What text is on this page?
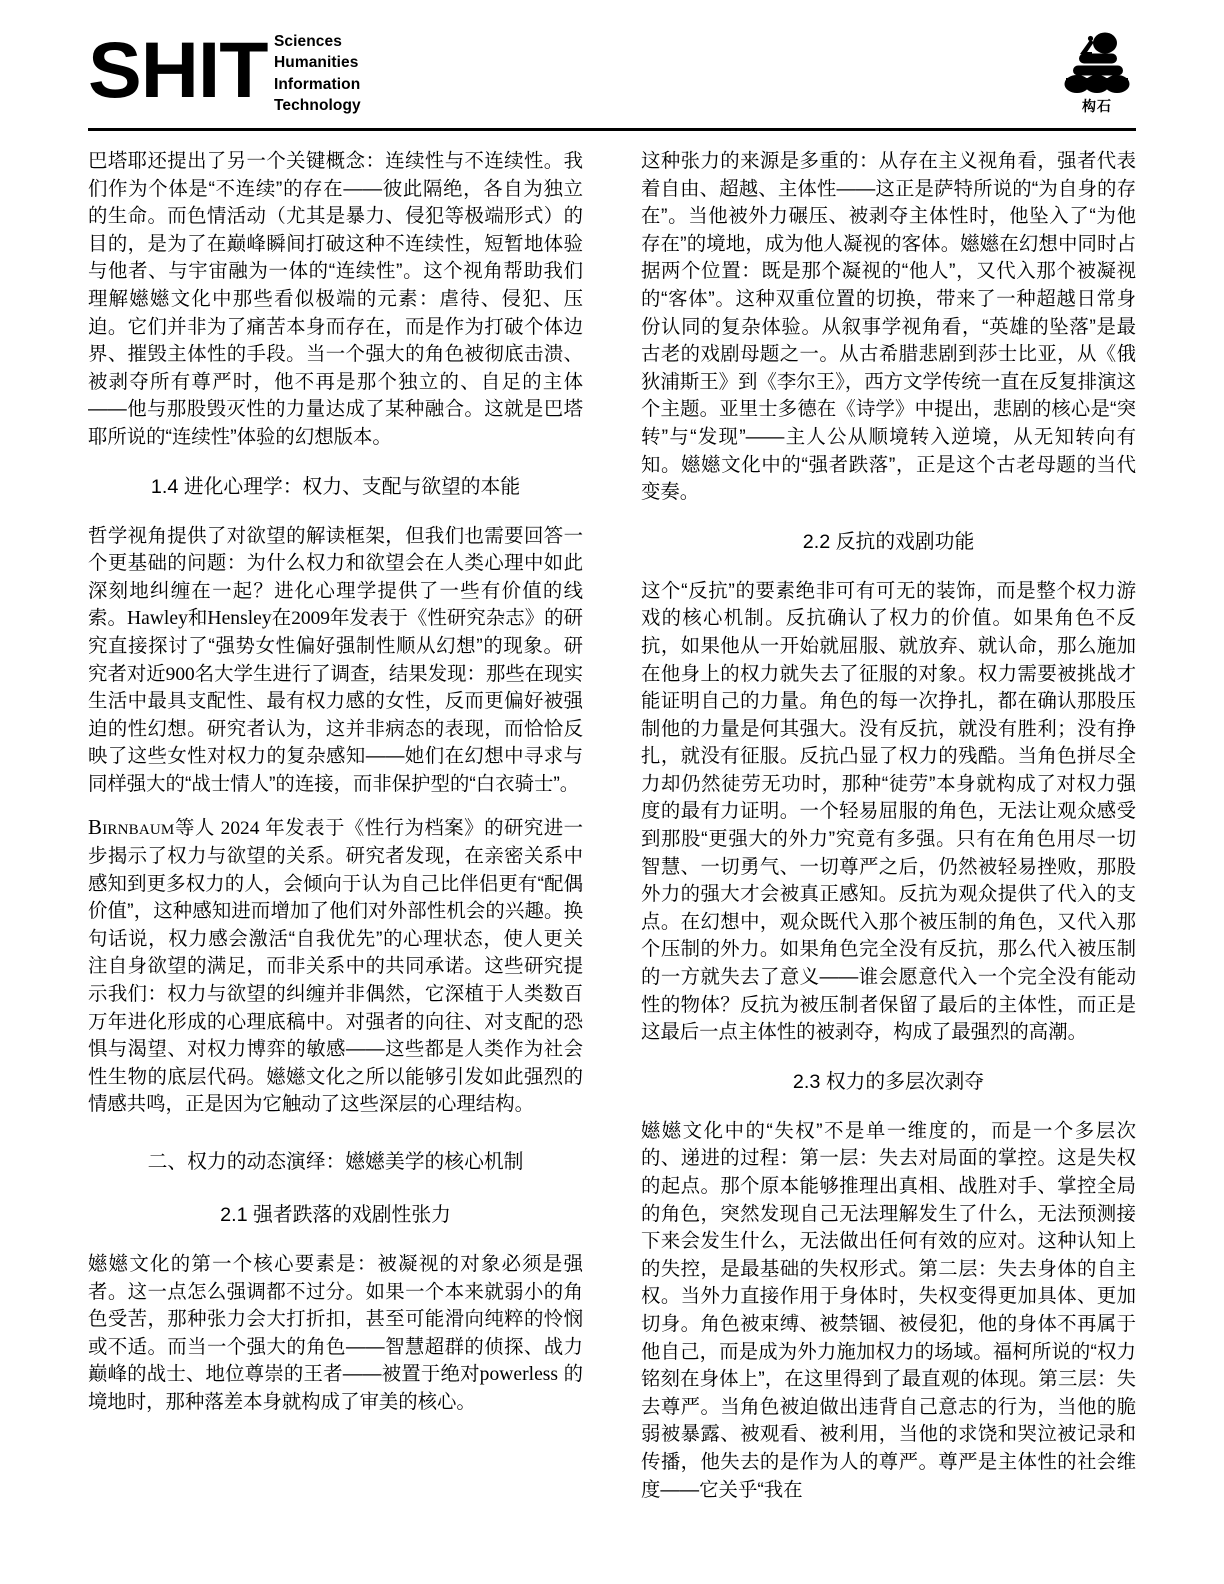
SHIT Sciences
Humanities
Information
Technology	构石

巴塔耶还提出了另一个关键概念：连续性与不连续性。我们作为个体是“不连续”的存在——彼此隔绝，各自为独立的生命。而色情活动（尤其是暴力、侵犯等极端形式）的目的，是为了在巅峰瞬间打破这种不连续性，短暂地体验与他者、与宇宙融为一体的“连续性”。这个视角帮助我们理解嬨嬨文化中那些看似极端的元素：虐待、侵犯、压迫。它们并非为了痛苦本身而存在，而是作为打破个体边界、摧毁主体性的手段。当一个强大的角色被彻底击溃、被剥夺所有尊严时，他不再是那个独立的、自足的主体——他与那股毁灭性的力量达成了某种融合。这就是巴塔耶所说的“连续性”体验的幻想版本。

1.4 进化心理学：权力、支配与欲望的本能

哲学视角提供了对欲望的解读框架，但我们也需要回答一个更基础的问题：为什么权力和欲望会在人类心理中如此深刻地纠缠在一起？进化心理学提供了一些有价值的线索。Hawley和Hensley在2009年发表于《性研究杂志》的研究直接探讨了“强势女性偏好强制性顺从幻想”的现象。研究者对近900名大学生进行了调查，结果发现：那些在现实生活中最具支配性、最有权力感的女性，反而更偏好被强迫的性幻想。研究者认为，这并非病态的表现，而恰恰反映了这些女性对权力的复杂感知——她们在幻想中寻求与同样强大的“战士情人”的连接，而非保护型的“白衣骑士”。

Birnbaum等人 2024 年发表于《性行为档案》的研究进一步揭示了权力与欲望的关系。研究者发现，在亲密关系中感知到更多权力的人，会倾向于认为自己比伴侣更有“配偶价值”，这种感知进而增加了他们对外部性机会的兴趣。换句话说，权力感会激活“自我优先”的心理状态，使人更关注自身欲望的满足，而非关系中的共同承诺。这些研究提示我们：权力与欲望的纠缠并非偶然，它深植于人类数百万年进化形成的心理底稿中。对强者的向往、对支配的恐惧与渴望、对权力博弈的敏感——这些都是人类作为社会性生物的底层代码。嬨嬨文化之所以能够引发如此强烈的情感共鸣，正是因为它触动了这些深层的心理结构。

二、权力的动态演绎：嬨嬨美学的核心机制
2.1 强者跌落的戏剧性张力

嬨嬨文化的第一个核心要素是：被凝视的对象必须是强者。这一点怎么强调都不过分。如果一个本来就弱小的角色受苦，那种张力会大打折扣，甚至可能滑向纯粹的怜悯或不适。而当一个强大的角色——智慧超群的侦探、战力巅峰的战士、地位尊崇的王者——被置于绝对powerless 的境地时，那种落差本身就构成了审美的核心。

这种张力的来源是多重的：从存在主义视角看，强者代表着自由、超越、主体性——这正是萨特所说的“为自身的存在”。当他被外力碾压、被剥夺主体性时，他坠入了“为他存在”的境地，成为他人凝视的客体。嬨嬨在幻想中同时占据两个位置：既是那个凝视的“他人”，又代入那个被凝视的“客体”。这种双重位置的切换，带来了一种超越日常身份认同的复杂体验。从叙事学视角看，“英雄的坠落”是最古老的戏剧母题之一。从古希腊悲剧到莎士比亚，从《俄狄浦斯王》到《李尔王》，西方文学传统一直在反复排演这个主题。亚里士多德在《诗学》中提出，悲剧的核心是“突转”与“发现”——主人公从顺境转入逆境，从无知转向有知。嬨嬨文化中的“强者跌落”，正是这个古老母题的当代变奏。

2.2 反抗的戏剧功能

这个“反抗”的要素绝非可有可无的装饰，而是整个权力游戏的核心机制。反抗确认了权力的价值。如果角色不反抗，如果他从一开始就屈服、就放弃、就认命，那么施加在他身上的权力就失去了征服的对象。权力需要被挑战才能证明自己的力量。角色的每一次挣扎，都在确认那股压制他的力量是何其强大。没有反抗，就没有胜利；没有挣扎，就没有征服。反抗凸显了权力的残酷。当角色拼尽全力却仍然徒劳无功时，那种“徒劳”本身就构成了对权力强度的最有力证明。一个轻易屈服的角色，无法让观众感受到那股“更强大的外力”究竟有多强。只有在角色用尽一切智慧、一切勇气、一切尊严之后，仍然被轻易挫败，那股外力的强大才会被真正感知。反抗为观众提供了代入的支点。在幻想中，观众既代入那个被压制的角色，又代入那个压制的外力。如果角色完全没有反抗，那么代入被压制的一方就失去了意义——谁会愿意代入一个完全没有能动性的物体？反抗为被压制者保留了最后的主体性，而正是这最后一点主体性的被剥夺，构成了最强烈的高潮。

2.3 权力的多层次剥夺

嬨嬨文化中的“失权”不是单一维度的，而是一个多层次的、递进的过程：第一层：失去对局面的掌控。这是失权的起点。那个原本能够推理出真相、战胜对手、掌控全局的角色，突然发现自己无法理解发生了什么，无法预测接下来会发生什么，无法做出任何有效的应对。这种认知上的失控，是最基础的失权形式。第二层：失去身体的自主权。当外力直接作用于身体时，失权变得更加具体、更加切身。角色被束缚、被禁锢、被侵犯，他的身体不再属于他自己，而是成为外力施加权力的场域。福柯所说的“权力铭刻在身体上”，在这里得到了最直观的体现。第三层：失去尊严。当角色被迫做出违背自己意志的行为，当他的脆弱被暴露、被观看、被利用，当他的求饶和哭泣被记录和传播，他失去的是作为人的尊严。尊严是主体性的社会维度——它关乎“我在
